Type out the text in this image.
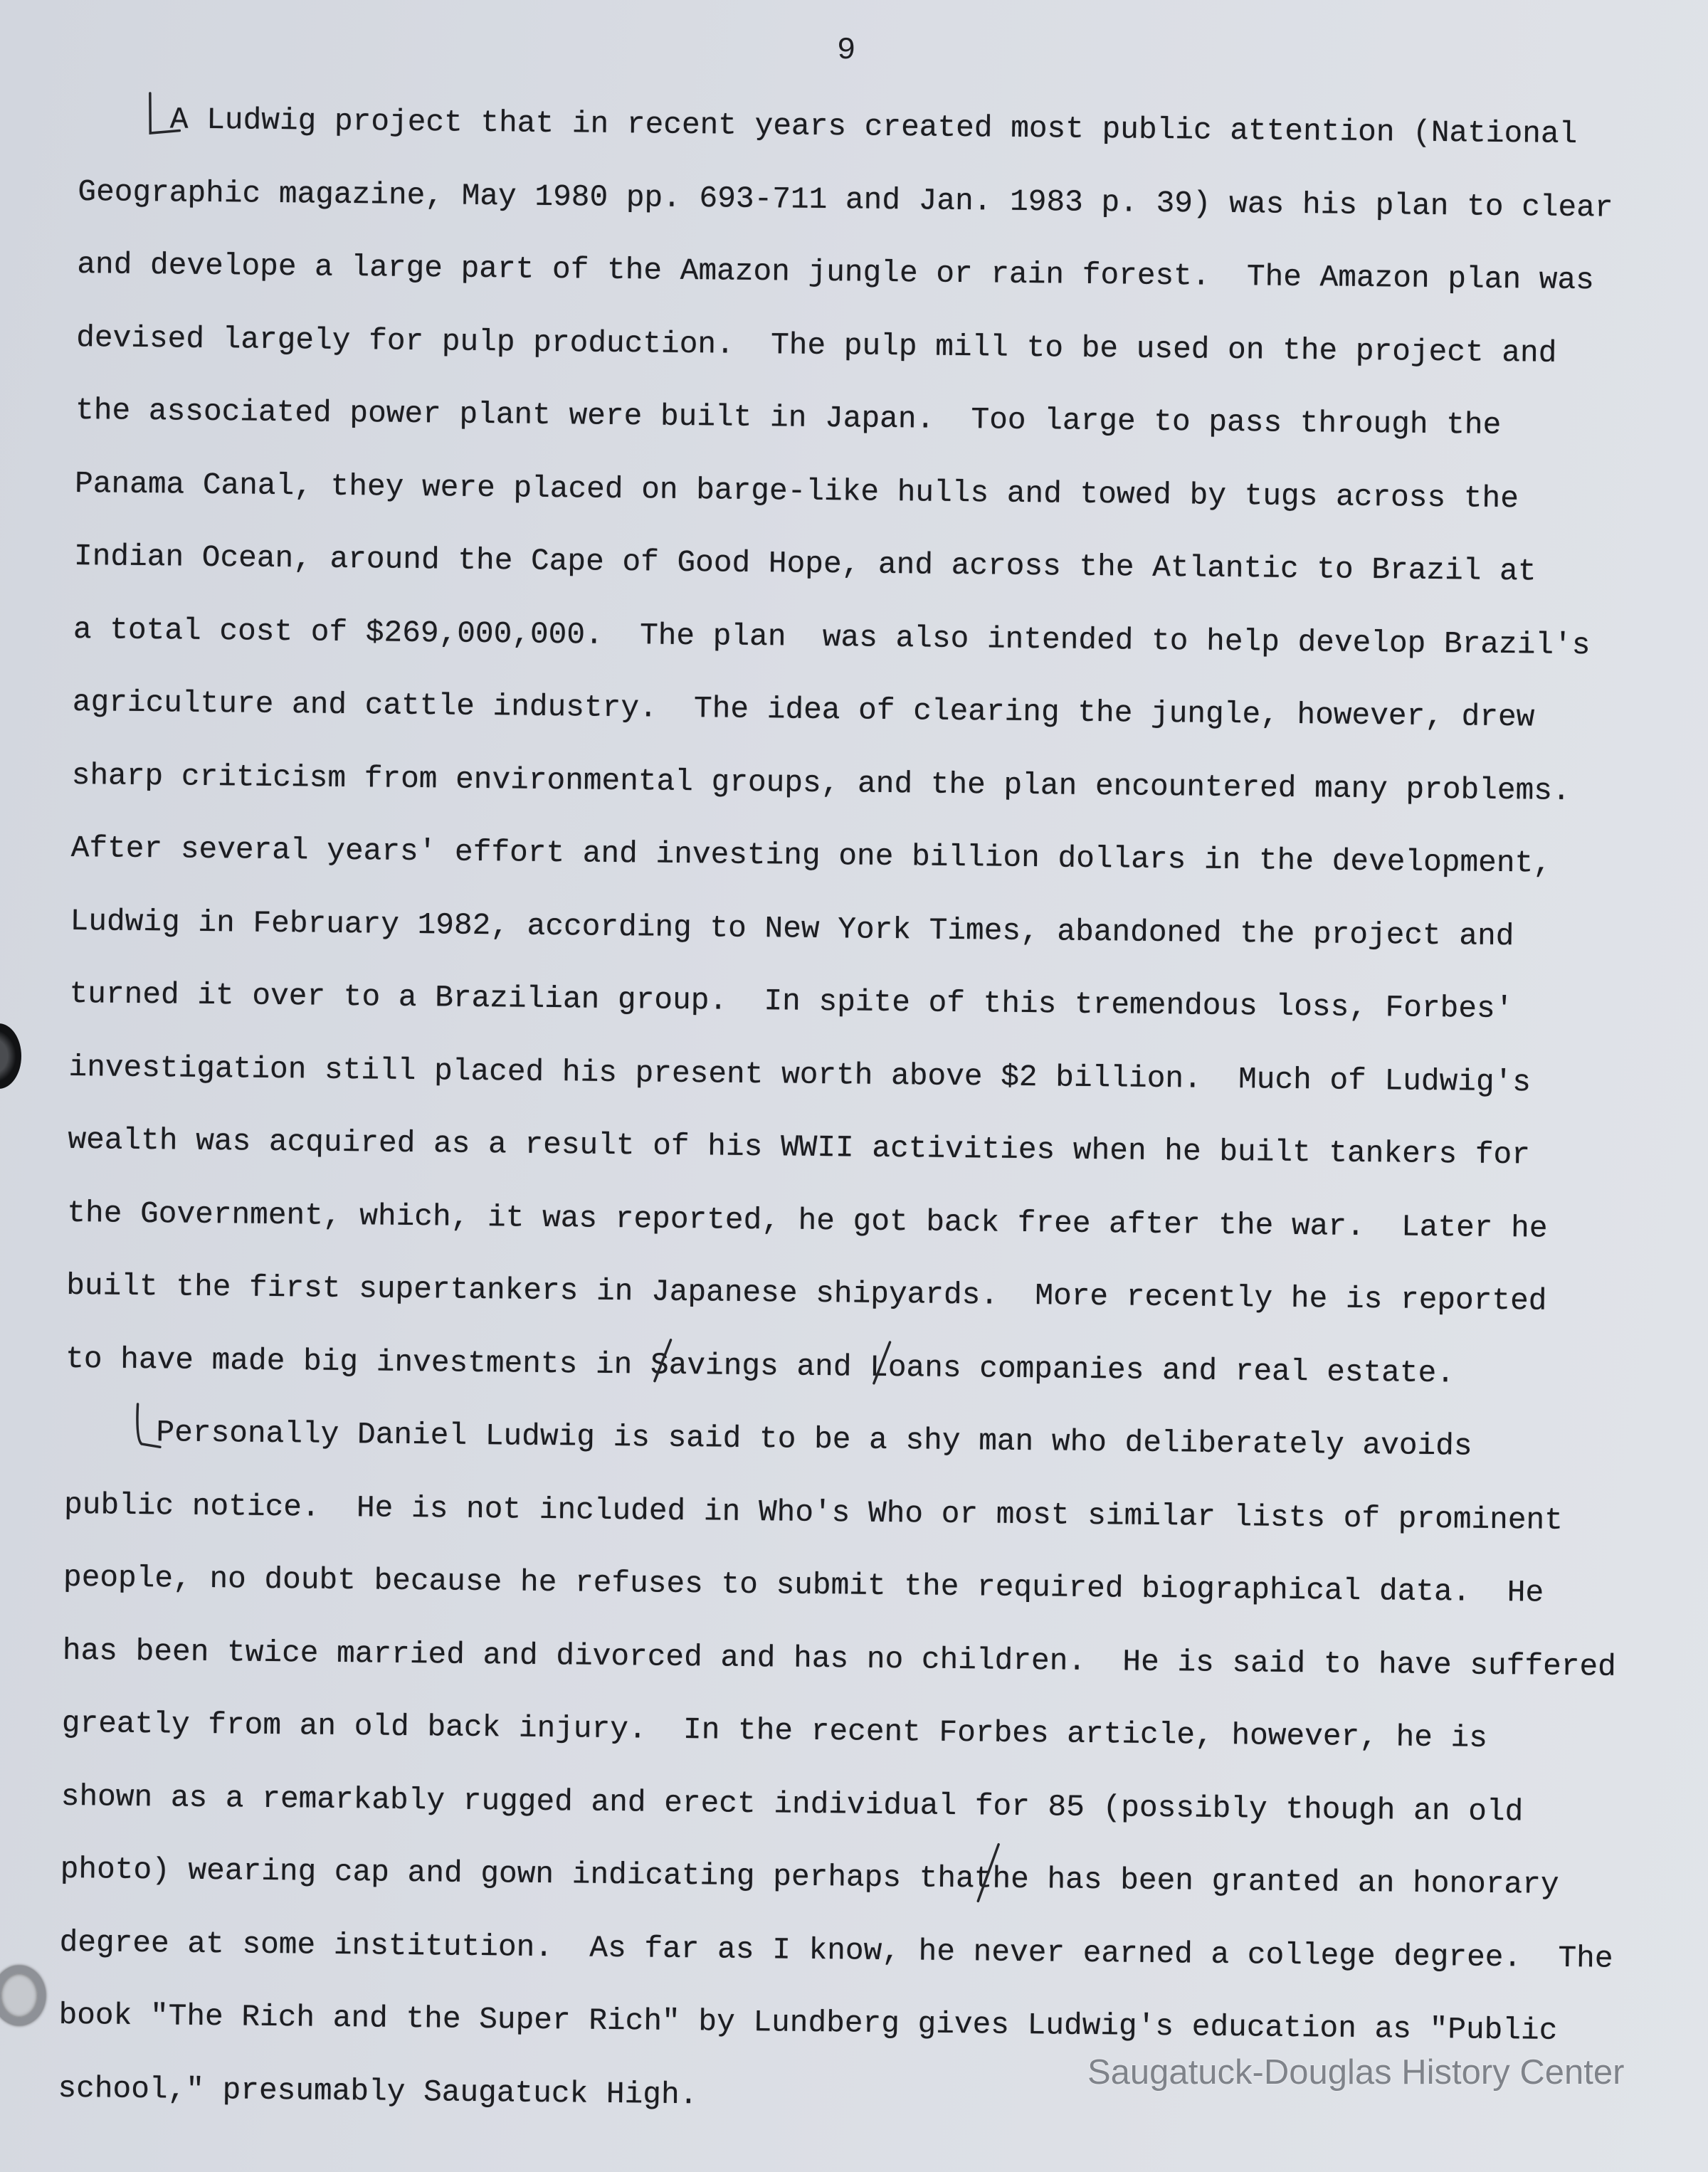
9
A Ludwig project that in recent years created most public attention (National
Geographic magazine, May 1980 pp. 693-711 and Jan. 1983 p. 39) was his plan to clear
and develope a large part of the Amazon jungle or rain forest.  The Amazon plan was
devised largely for pulp production.  The pulp mill to be used on the project and
the associated power plant were built in Japan.  Too large to pass through the
Panama Canal, they were placed on barge-like hulls and towed by tugs across the
Indian Ocean, around the Cape of Good Hope, and across the Atlantic to Brazil at
a total cost of $269,000,000.  The plan  was also intended to help develop Brazil's
agriculture and cattle industry.  The idea of clearing the jungle, however, drew
sharp criticism from environmental groups, and the plan encountered many problems.
After several years' effort and investing one billion dollars in the development,
Ludwig in February 1982, according to New York Times, abandoned the project and
turned it over to a Brazilian group.  In spite of this tremendous loss, Forbes'
investigation still placed his present worth above $2 billion.  Much of Ludwig's
wealth was acquired as a result of his WWII activities when he built tankers for
the Government, which, it was reported, he got back free after the war.  Later he
built the first supertankers in Japanese shipyards.  More recently he is reported
to have made big investments in Savings and Loans companies and real estate.
Personally Daniel Ludwig is said to be a shy man who deliberately avoids
public notice.  He is not included in Who's Who or most similar lists of prominent
people, no doubt because he refuses to submit the required biographical data.  He
has been twice married and divorced and has no children.  He is said to have suffered
greatly from an old back injury.  In the recent Forbes article, however, he is
shown as a remarkably rugged and erect individual for 85 (possibly though an old
photo) wearing cap and gown indicating perhaps thathe has been granted an honorary
degree at some institution.  As far as I know, he never earned a college degree.  The
book "The Rich and the Super Rich" by Lundberg gives Ludwig's education as "Public
school," presumably Saugatuck High.	Saugatuck-Douglas History Center
